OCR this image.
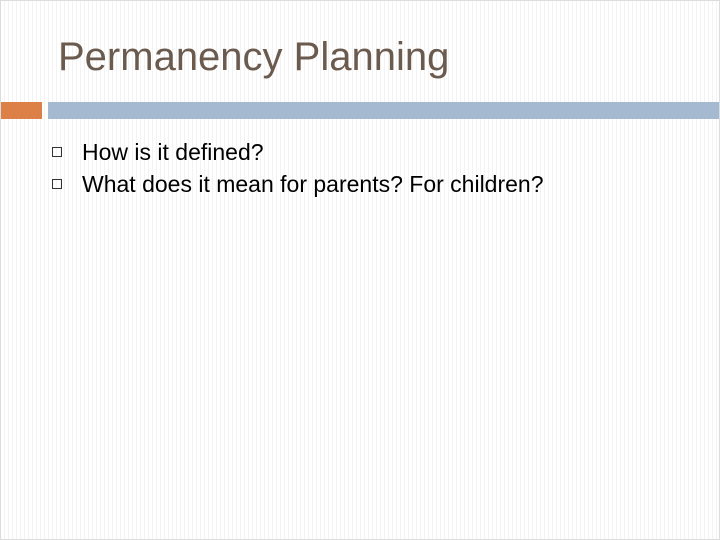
Permanency Planning
How is it defined?
What does it mean for parents? For children?
